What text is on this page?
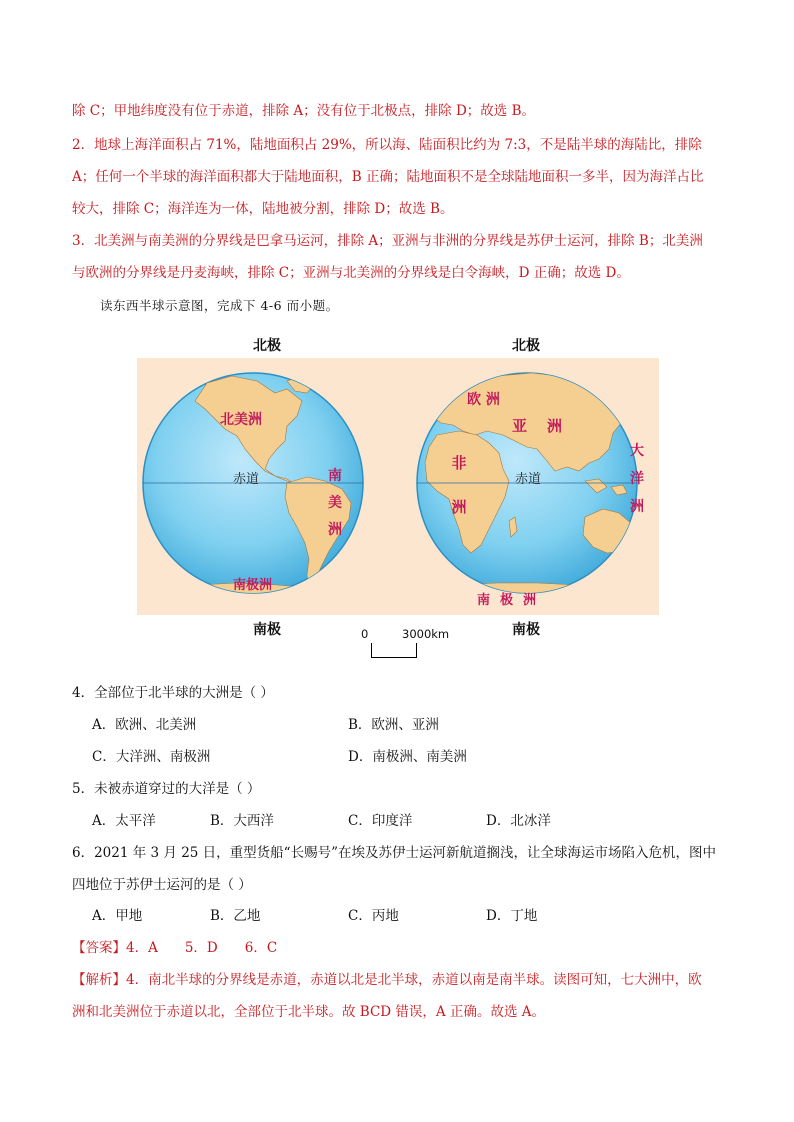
除 C；甲地纬度没有位于赤道，排除 A；没有位于北极点，排除 D；故选 B。
2．地球上海洋面积占 71%，陆地面积占 29%，所以海、陆面积比约为 7:3，不是陆半球的海陆比，排除
A；任何一个半球的海洋面积都大于陆地面积，B 正确；陆地面积不是全球陆地面积一多半，因为海洋占比
较大，排除 C；海洋连为一体，陆地被分割，排除 D；故选 B。
3．北美洲与南美洲的分界线是巴拿马运河，排除 A；亚洲与非洲的分界线是苏伊士运河，排除 B；北美洲
与欧洲的分界线是丹麦海峡，排除 C；亚洲与北美洲的分界线是白令海峡，D 正确；故选 D。
读东西半球示意图，完成下 4-6 而小题。
北极	北极
南极	南极
赤道	赤道
北美洲
南
美
洲
南极洲
欧 洲
亚洲
非
洲
大
洋
洲
南极洲
0	3000km
4．全部位于北半球的大洲是（ ）
A．欧洲、北美洲	B．欧洲、亚洲
C．大洋洲、南极洲	D．南极洲、南美洲
5．未被赤道穿过的大洋是（ ）
A．太平洋	B．大西洋	C．印度洋	D．北冰洋
6．2021 年 3 月 25 日，重型货船“长赐号”在埃及苏伊士运河新航道搁浅，让全球海运市场陷入危机，图中
四地位于苏伊士运河的是（ ）
A．甲地	B．乙地	C．丙地	D．丁地
【答案】4．A　　5．D　　6．C
【解析】4．南北半球的分界线是赤道，赤道以北是北半球，赤道以南是南半球。读图可知，七大洲中，欧
洲和北美洲位于赤道以北，全部位于北半球。故 BCD 错误，A 正确。故选 A。
